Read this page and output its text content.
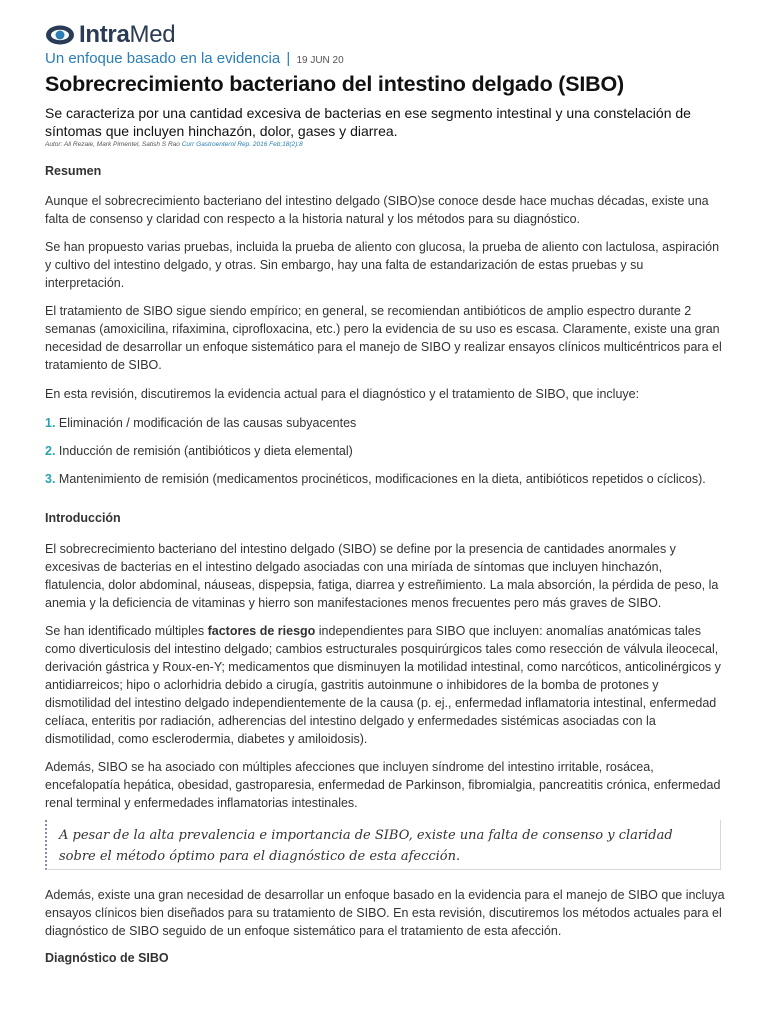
IntraMed
Un enfoque basado en la evidencia | 19 JUN 20
Sobrecrecimiento bacteriano del intestino delgado (SIBO)
Se caracteriza por una cantidad excesiva de bacterias en ese segmento intestinal y una constelación de síntomas que incluyen hinchazón, dolor, gases y diarrea.
Autor: Ali Rezaie, Mark Pimentel, Satish S Rao Curr Gastroenterol Rep. 2016 Feb;18(2):8
Resumen
Aunque el sobrecrecimiento bacteriano del intestino delgado (SIBO)se conoce desde hace muchas décadas, existe una falta de consenso y claridad con respecto a la historia natural y los métodos para su diagnóstico.
Se han propuesto varias pruebas, incluida la prueba de aliento con glucosa, la prueba de aliento con lactulosa, aspiración y cultivo del intestino delgado, y otras. Sin embargo, hay una falta de estandarización de estas pruebas y su interpretación.
El tratamiento de SIBO sigue siendo empírico; en general, se recomiendan antibióticos de amplio espectro durante 2 semanas (amoxicilina, rifaximina, ciprofloxacina, etc.) pero la evidencia de su uso es escasa. Claramente, existe una gran necesidad de desarrollar un enfoque sistemático para el manejo de SIBO y realizar ensayos clínicos multicéntricos para el tratamiento de SIBO.
En esta revisión, discutiremos la evidencia actual para el diagnóstico y el tratamiento de SIBO, que incluye:
1. Eliminación / modificación de las causas subyacentes
2. Inducción de remisión (antibióticos y dieta elemental)
3. Mantenimiento de remisión (medicamentos procinéticos, modificaciones en la dieta, antibióticos repetidos o cíclicos).
Introducción
El sobrecrecimiento bacteriano del intestino delgado (SIBO) se define por la presencia de cantidades anormales y excesivas de bacterias en el intestino delgado asociadas con una miríada de síntomas que incluyen hinchazón, flatulencia, dolor abdominal, náuseas, dispepsia, fatiga, diarrea y estreñimiento. La mala absorción, la pérdida de peso, la anemia y la deficiencia de vitaminas y hierro son manifestaciones menos frecuentes pero más graves de SIBO.
Se han identificado múltiples factores de riesgo independientes para SIBO que incluyen: anomalías anatómicas tales como diverticulosis del intestino delgado; cambios estructurales posquirúrgicos tales como resección de válvula ileocecal, derivación gástrica y Roux-en-Y; medicamentos que disminuyen la motilidad intestinal, como narcóticos, anticolinérgicos y antidiarreicos; hipo o aclorhidria debido a cirugía, gastritis autoinmune o inhibidores de la bomba de protones y dismotilidad del intestino delgado independientemente de la causa (p. ej., enfermedad inflamatoria intestinal, enfermedad celíaca, enteritis por radiación, adherencias del intestino delgado y enfermedades sistémicas asociadas con la dismotilidad, como esclerodermia, diabetes y amiloidosis).
Además, SIBO se ha asociado con múltiples afecciones que incluyen síndrome del intestino irritable, rosácea, encefalopatía hepática, obesidad, gastroparesia, enfermedad de Parkinson, fibromialgia, pancreatitis crónica, enfermedad renal terminal y enfermedades inflamatorias intestinales.

A pesar de la alta prevalencia e importancia de SIBO, existe una falta de consenso y claridad sobre el método óptimo para el diagnóstico de esta afección.

Además, existe una gran necesidad de desarrollar un enfoque basado en la evidencia para el manejo de SIBO que incluya ensayos clínicos bien diseñados para su tratamiento de SIBO. En esta revisión, discutiremos los métodos actuales para el diagnóstico de SIBO seguido de un enfoque sistemático para el tratamiento de esta afección.
Diagnóstico de SIBO
